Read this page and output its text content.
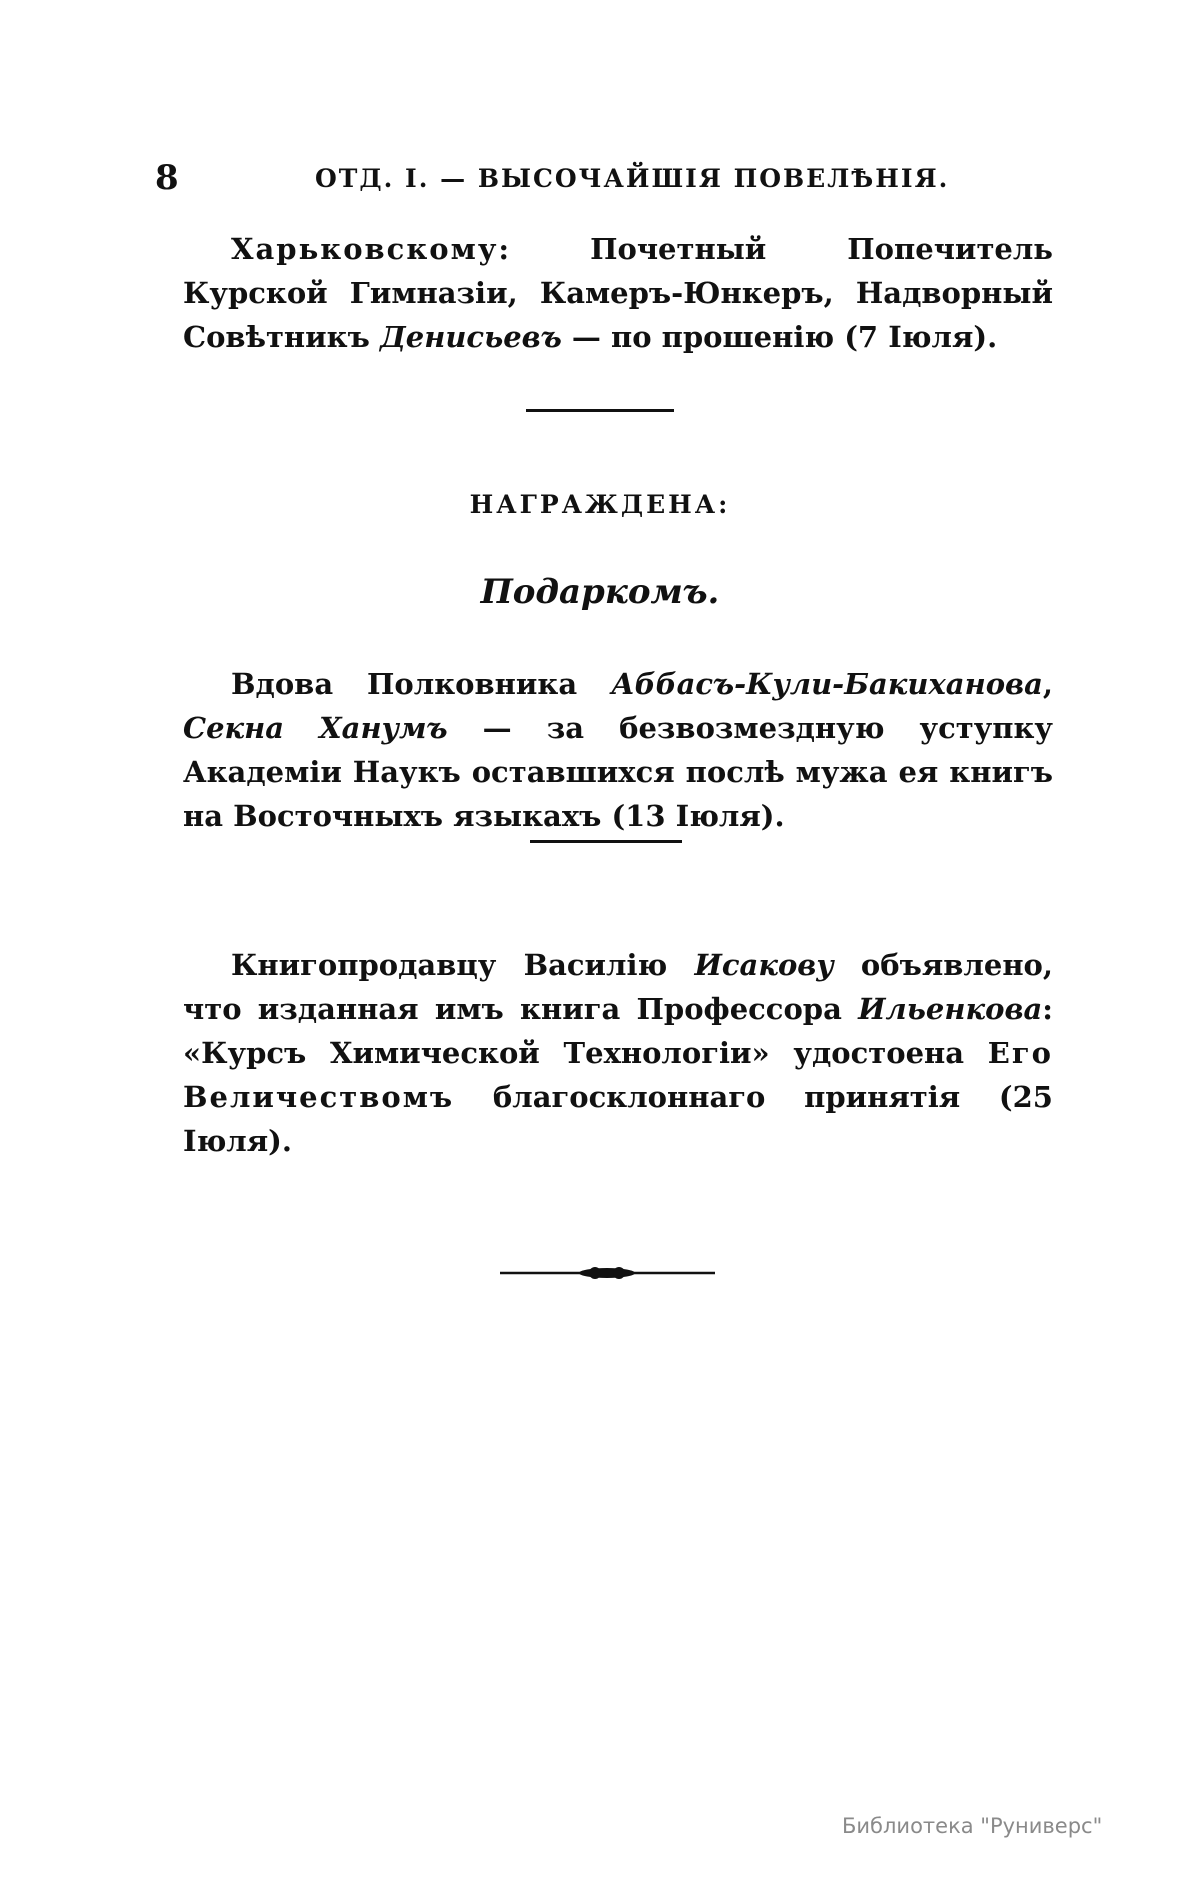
8	ОТД. I. — ВЫСОЧАЙШІЯ ПОВЕЛѢНІЯ.

Харьковскому: Почетный Попечитель Курской Гимназіи, Камеръ-Юнкеръ, Надворный Совѣтникъ Денисьевъ — по прошенію (7 Іюля).

НАГРАЖДЕНА:
Подаркомъ.

Вдова Полковника Аббасъ-Кули-Бакиханова, Секна Ханумъ — за безвозмездную уступку Академіи Наукъ оставшихся послѣ мужа ея книгъ на Восточныхъ языкахъ (13 Іюля).

Книгопродавцу Василію Исакову объявлено, что изданная имъ книга Профессора Ильенкова: «Курсъ Химической Технологіи» удостоена Его Величествомъ благосклоннаго принятія (25 Іюля).

Библиотека "Руниверс"
